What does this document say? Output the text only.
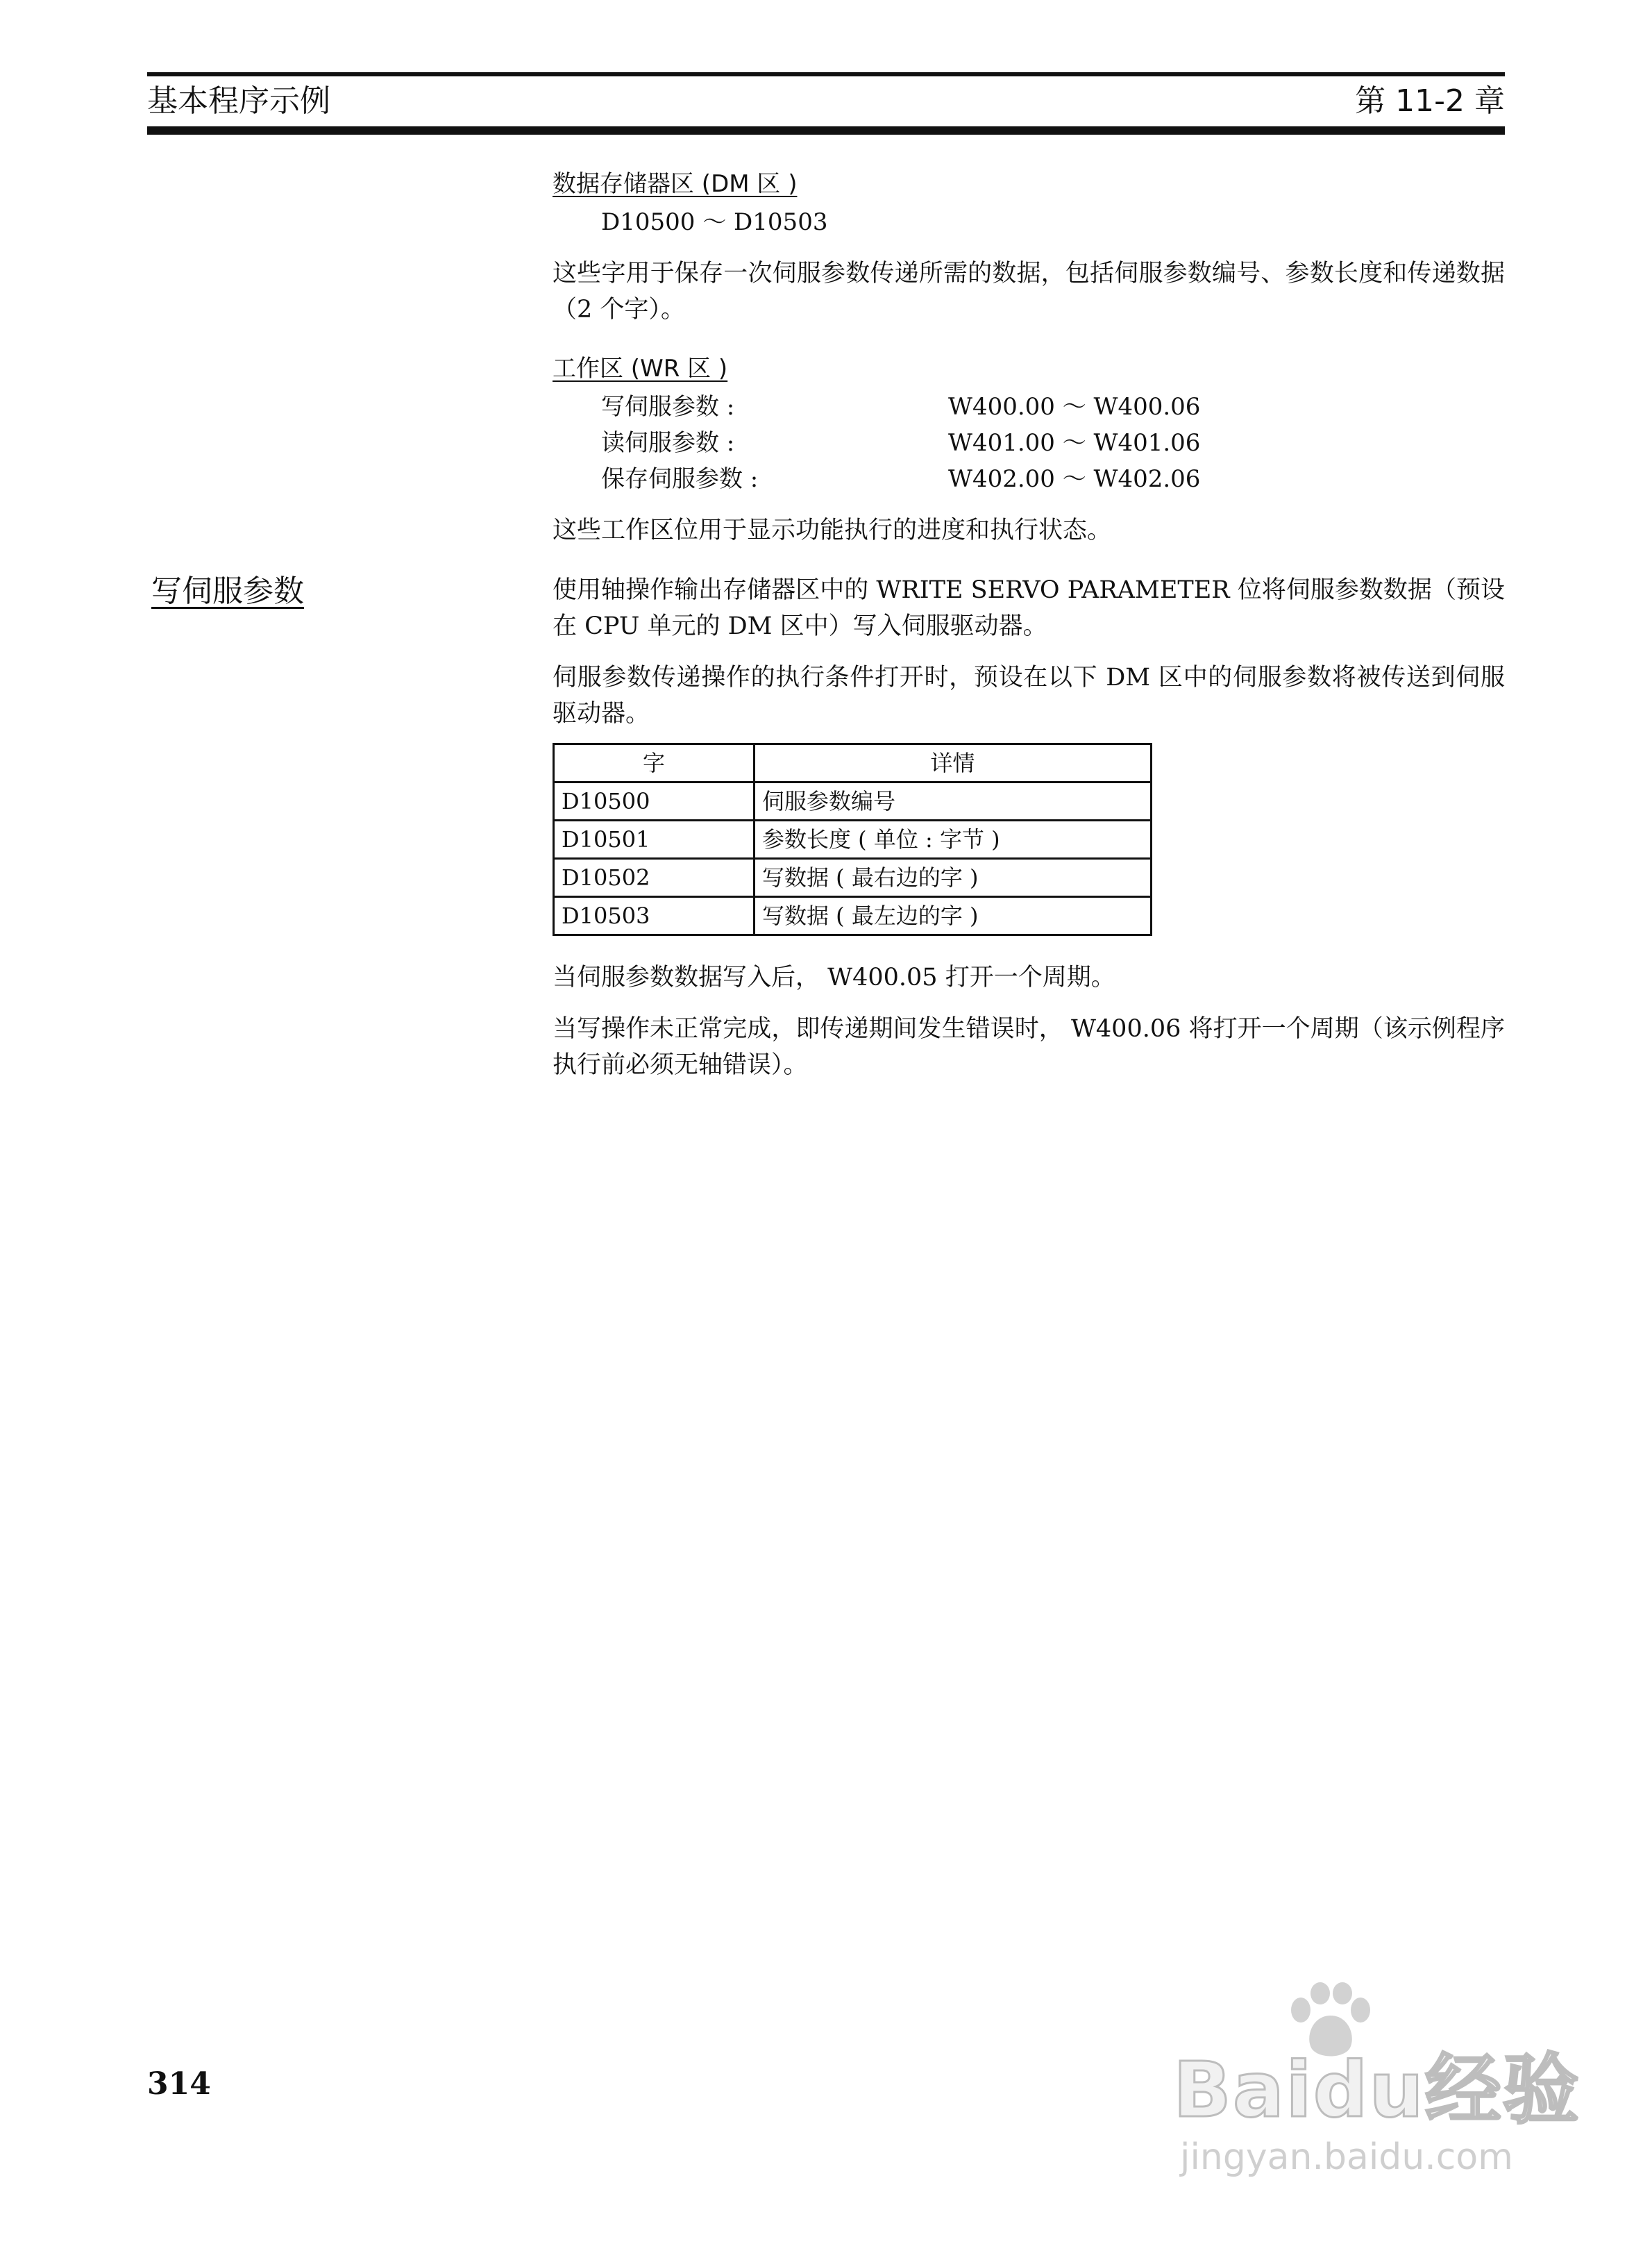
基本程序示例	第 11-2 章
写伺服参数

数据存储器区 (DM 区 )

D10500 ～ D10503

这些字用于保存一次伺服参数传递所需的数据，包括伺服参数编号、参数长度和传递数据 （2 个字）。

工作区 (WR 区 )

写伺服参数 :	W400.00 ～ W400.06
读伺服参数 :	W401.00 ～ W401.06
保存伺服参数 :	W402.00 ～ W402.06

这些工作区位用于显示功能执行的进度和执行状态。

使用轴操作输出存储器区中的 WRITE SERVO PARAMETER 位将伺服参数数据（预设在 CPU 单元的 DM 区中）写入伺服驱动器。

伺服参数传递操作的执行条件打开时，预设在以下 DM 区中的伺服参数将被传送到伺服驱动器。

字	详情
D10500	伺服参数编号
D10501	参数长度 ( 单位 : 字节 )
D10502	写数据 ( 最右边的字 )
D10503	写数据 ( 最左边的字 )

当伺服参数数据写入后， W400.05 打开一个周期。

当写操作未正常完成，即传递期间发生错误时， W400.06 将打开一个周期（该示例程序执行前必须无轴错误）。

314	Baidu经验
jingyan.baidu.com
